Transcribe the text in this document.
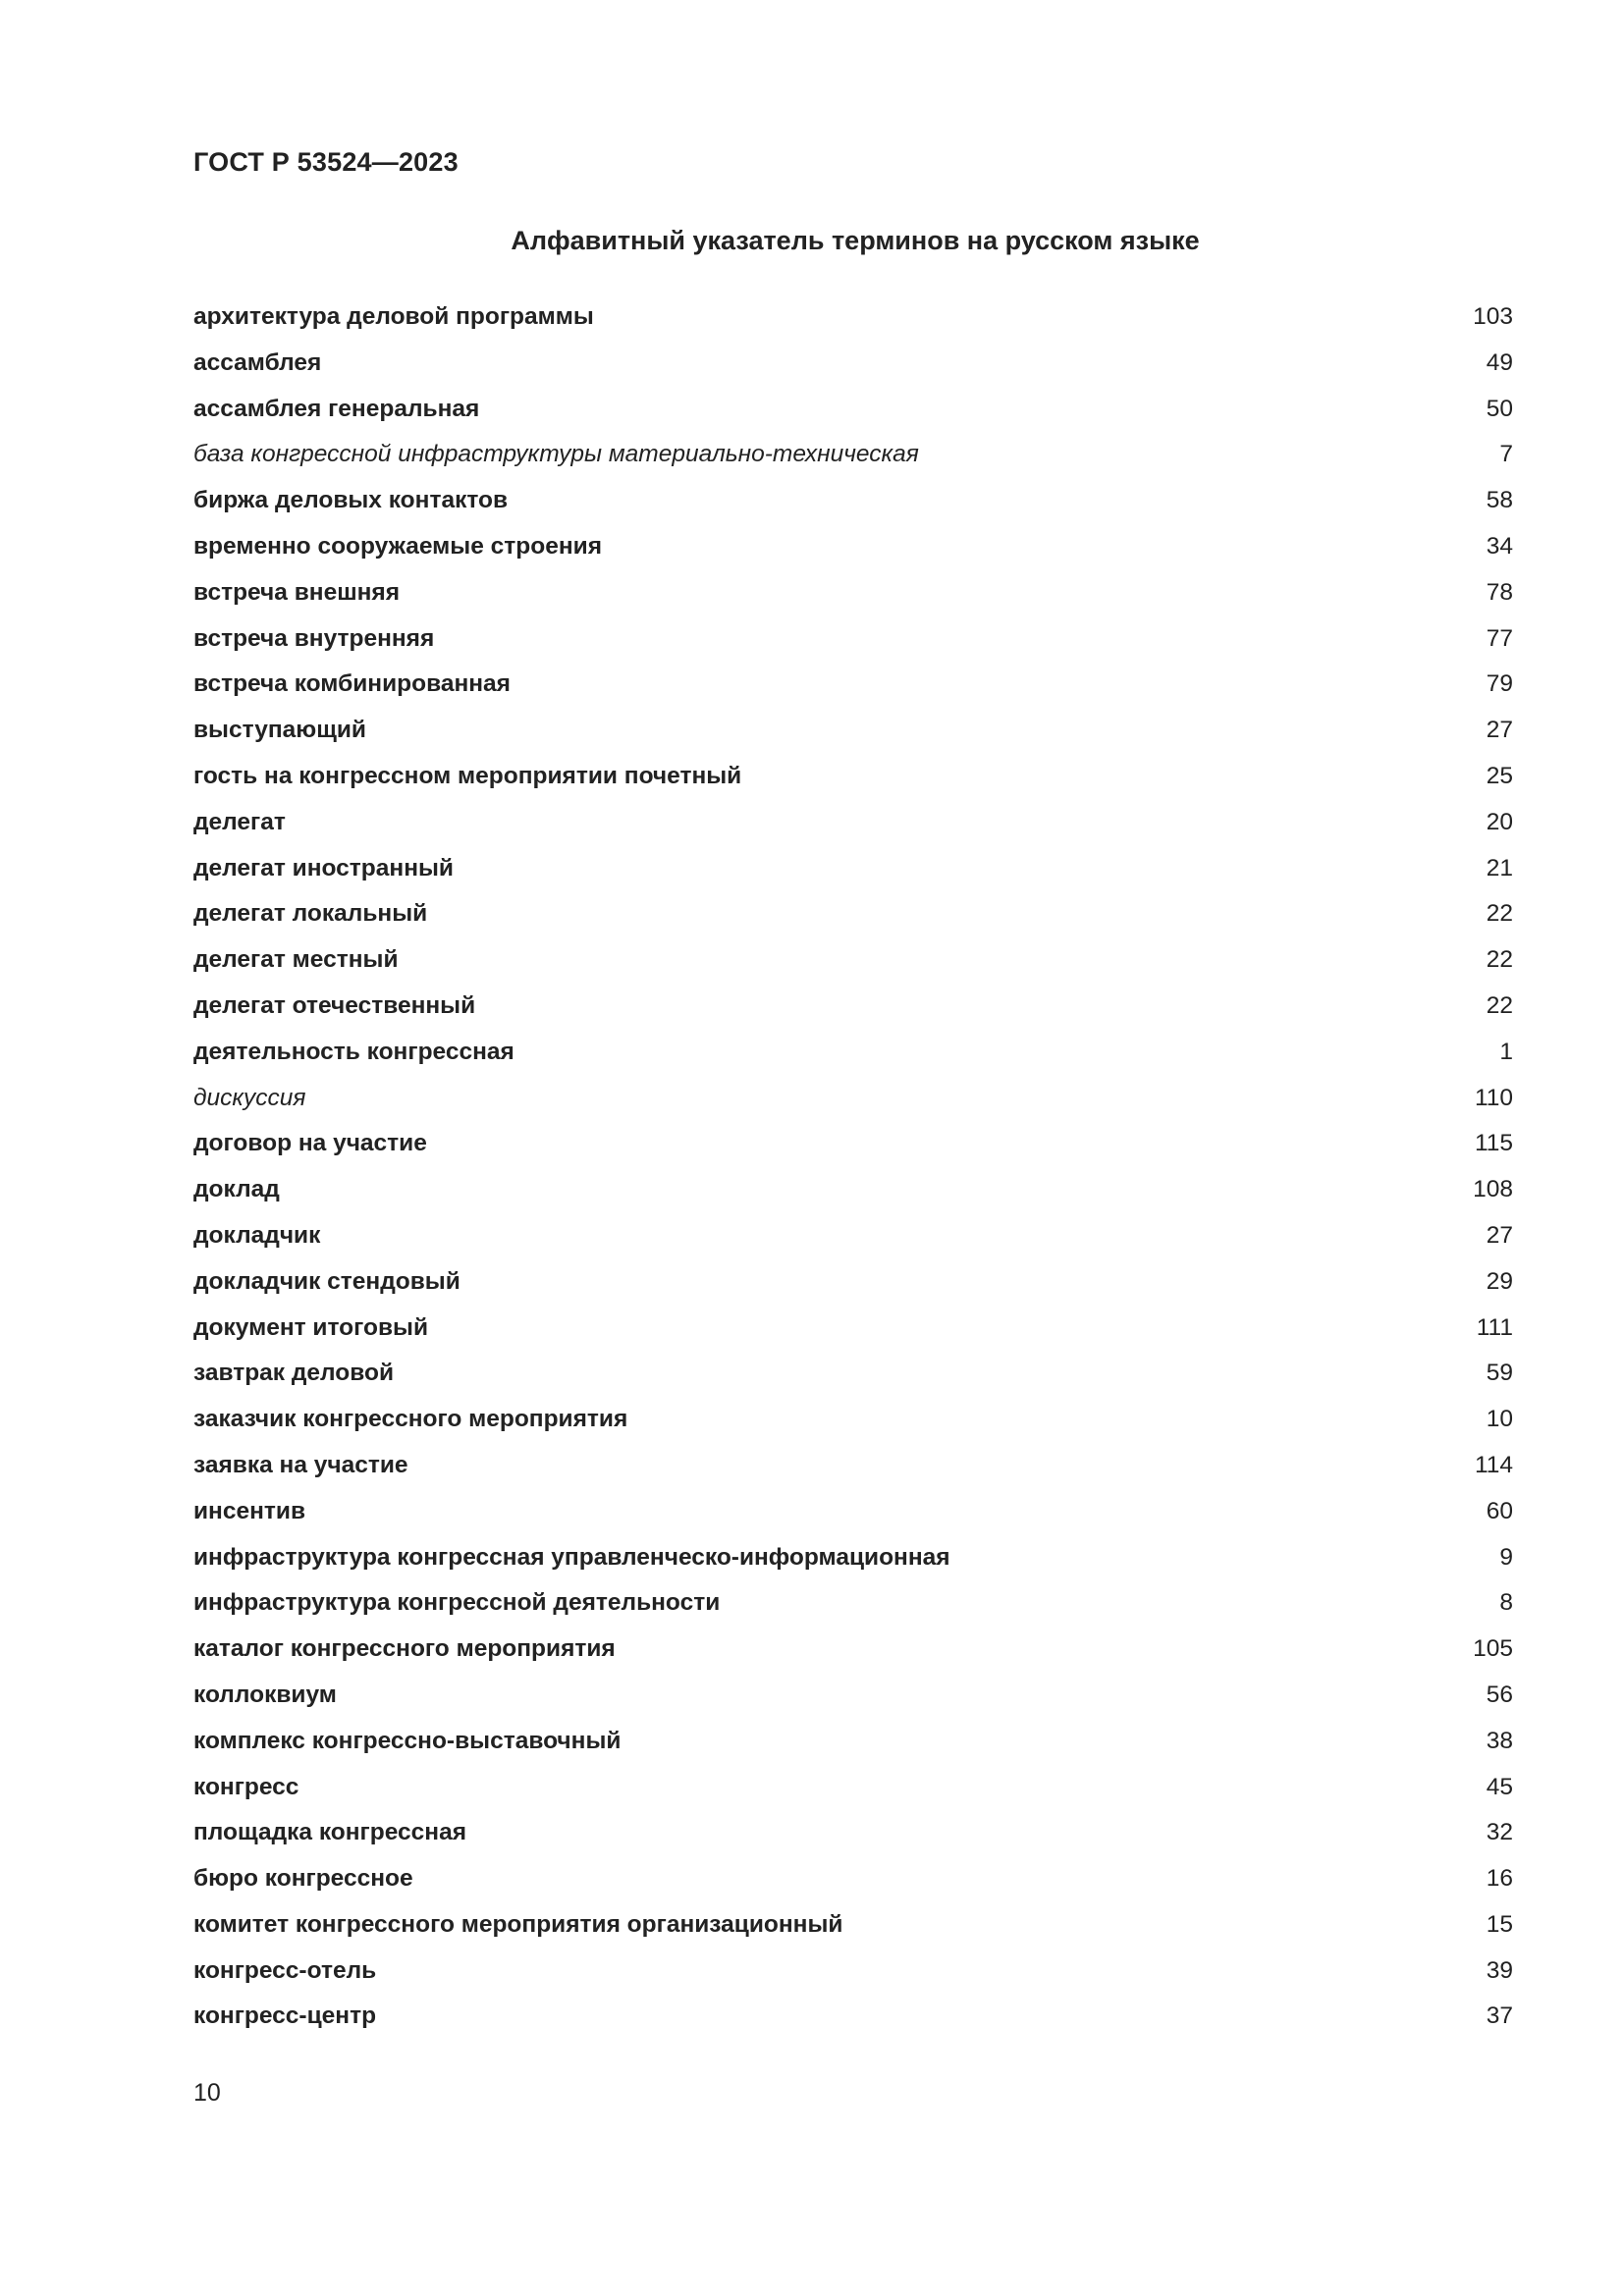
ГОСТ Р 53524—2023
Алфавитный указатель терминов на русском языке
архитектура деловой программы	103
ассамблея	49
ассамблея генеральная	50
база конгрессной инфраструктуры материально-техническая	7
биржа деловых контактов	58
временно сооружаемые строения	34
встреча внешняя	78
встреча внутренняя	77
встреча комбинированная	79
выступающий	27
гость на конгрессном мероприятии почетный	25
делегат	20
делегат иностранный	21
делегат локальный	22
делегат местный	22
делегат отечественный	22
деятельность конгрессная	1
дискуссия	110
договор на участие	115
доклад	108
докладчик	27
докладчик стендовый	29
документ итоговый	111
завтрак деловой	59
заказчик конгрессного мероприятия	10
заявка на участие	114
инсентив	60
инфраструктура конгрессная управленческо-информационная	9
инфраструктура конгрессной деятельности	8
каталог конгрессного мероприятия	105
коллоквиум	56
комплекс конгрессно-выставочный	38
конгресс	45
площадка конгрессная	32
бюро конгрессное	16
комитет конгрессного мероприятия организационный	15
конгресс-отель	39
конгресс-центр	37
10
